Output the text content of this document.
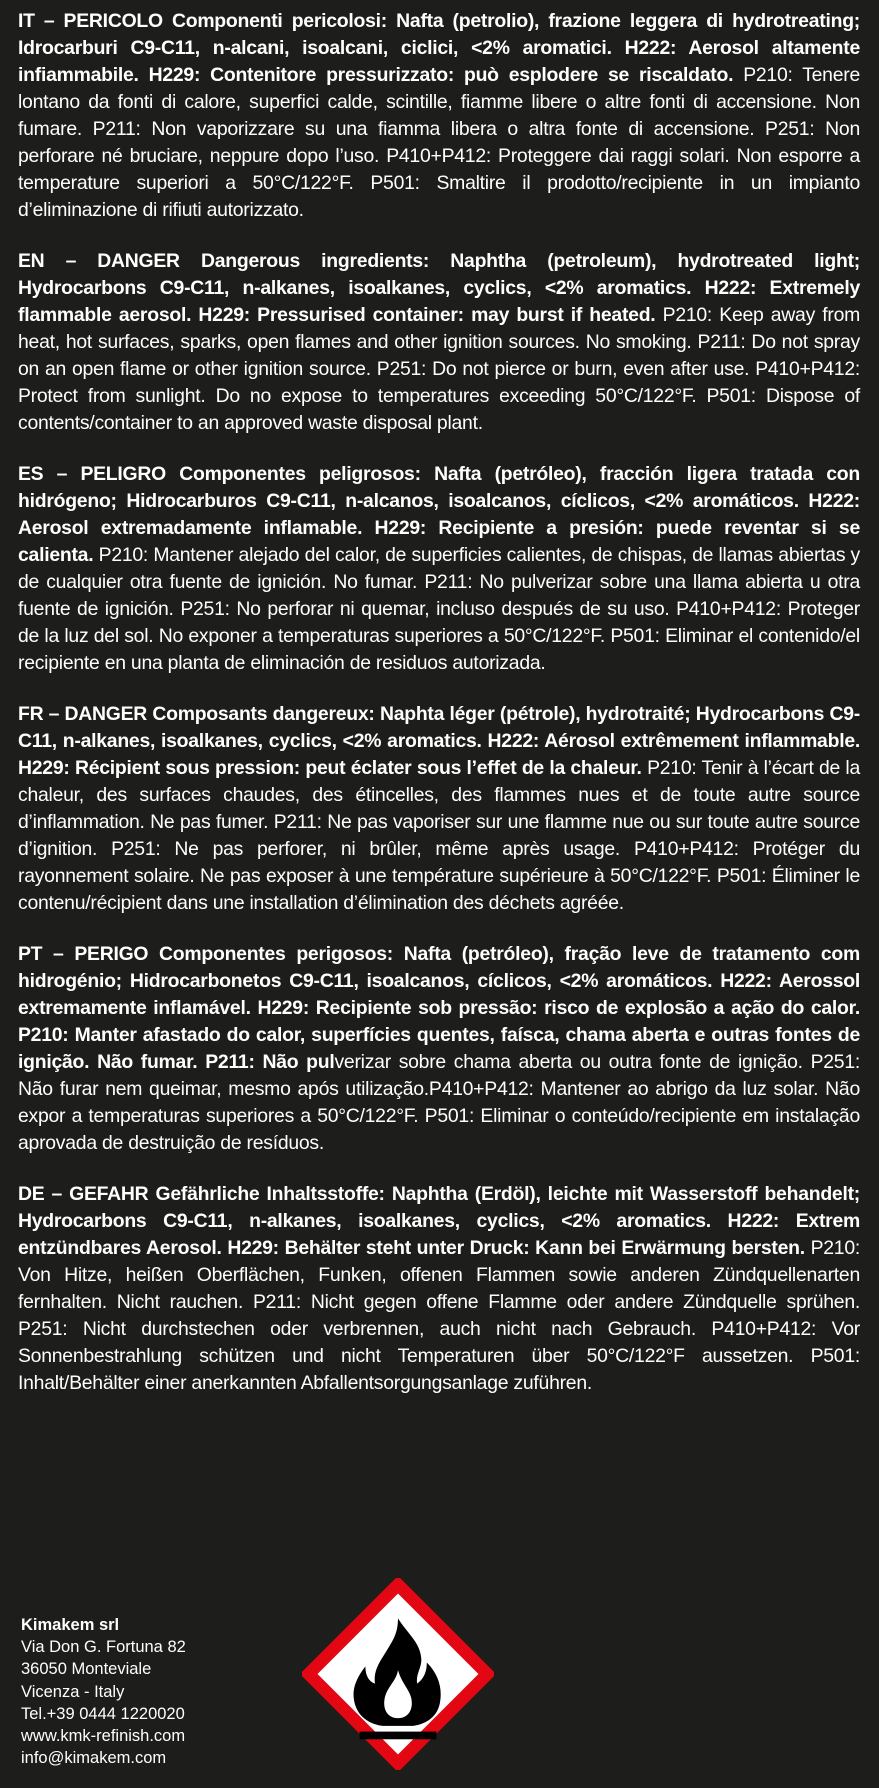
IT – PERICOLO Componenti pericolosi: Nafta (petrolio), frazione leggera di hydrotreating; Idrocarburi C9-C11, n-alcani, isoalcani, ciclici, <2% aromatici. H222: Aerosol altamente infiammabile. H229: Contenitore pressurizzato: può esplodere se riscaldato. P210: Tenere lontano da fonti di calore, superfici calde, scintille, fiamme libere o altre fonti di accensione. Non fumare. P211: Non vaporizzare su una fiamma libera o altra fonte di accensione. P251: Non perforare né bruciare, neppure dopo l’uso. P410+P412: Proteggere dai raggi solari. Non esporre a temperature superiori a 50°C/122°F. P501: Smaltire il prodotto/recipiente in un impianto d’eliminazione di rifiuti autorizzato.

EN – DANGER Dangerous ingredients: Naphtha (petroleum), hydrotreated light; Hydrocarbons C9-C11, n-alkanes, isoalkanes, cyclics, <2% aromatics. H222: Extremely flammable aerosol. H229: Pressurised container: may burst if heated. P210: Keep away from heat, hot surfaces, sparks, open flames and other ignition sources. No smoking. P211: Do not spray on an open flame or other ignition source. P251: Do not pierce or burn, even after use. P410+P412: Protect from sunlight. Do no expose to temperatures exceeding 50°C/122°F. P501: Dispose of contents/container to an approved waste disposal plant.

ES – PELIGRO Componentes peligrosos: Nafta (petróleo), fracción ligera tratada con hidrógeno; Hidrocarburos C9-C11, n-alcanos, isoalcanos, cíclicos, <2% aromáticos. H222: Aerosol extremadamente inflamable. H229: Recipiente a presión: puede reventar si se calienta. P210: Mantener alejado del calor, de superficies calientes, de chispas, de llamas abiertas y de cualquier otra fuente de ignición. No fumar. P211: No pulverizar sobre una llama abierta u otra fuente de ignición. P251: No perforar ni quemar, incluso después de su uso. P410+P412: Proteger de la luz del sol. No exponer a temperaturas superiores a 50°C/122°F. P501: Eliminar el contenido/el recipiente en una planta de eliminación de residuos autorizada.

FR – DANGER Composants dangereux: Naphta léger (pétrole), hydrotraité; Hydrocarbons C9-C11, n-alkanes, isoalkanes, cyclics, <2% aromatics. H222: Aérosol extrêmement inflammable. H229: Récipient sous pression: peut éclater sous l’effet de la chaleur. P210: Tenir à l’écart de la chaleur, des surfaces chaudes, des étincelles, des flammes nues et de toute autre source d’inflammation. Ne pas fumer. P211: Ne pas vaporiser sur une flamme nue ou sur toute autre source d’ignition. P251: Ne pas perforer, ni brûler, même après usage. P410+P412: Protéger du rayonnement solaire. Ne pas exposer à une température supérieure à 50°C/122°F. P501: Éliminer le contenu/récipient dans une installation d’élimination des déchets agréée.

PT – PERIGO Componentes perigosos: Nafta (petróleo), fração leve de tratamento com hidrogénio; Hidrocarbonetos C9-C11, isoalcanos, cíclicos, <2% aromáticos. H222: Aerossol extremamente inflamável. H229: Recipiente sob pressão: risco de explosão a ação do calor. P210: Manter afastado do calor, superfícies quentes, faísca, chama aberta e outras fontes de ignição. Não fumar. P211: Não pulverizar sobre chama aberta ou outra fonte de ignição. P251: Não furar nem queimar, mesmo após utilização.P410+P412: Mantener ao abrigo da luz solar. Não expor a temperaturas superiores a 50°C/122°F. P501: Eliminar o conteúdo/recipiente em instalação aprovada de destruição de resíduos.

DE – GEFAHR Gefährliche Inhaltsstoffe: Naphtha (Erdöl), leichte mit Wasserstoff behandelt; Hydrocarbons C9-C11, n-alkanes, isoalkanes, cyclics, <2% aromatics. H222: Extrem entzündbares Aerosol. H229: Behälter steht unter Druck: Kann bei Erwärmung bersten. P210: Von Hitze, heißen Oberflächen, Funken, offenen Flammen sowie anderen Zündquellenarten fernhalten. Nicht rauchen. P211: Nicht gegen offene Flamme oder andere Zündquelle sprühen. P251: Nicht durchstechen oder verbrennen, auch nicht nach Gebrauch. P410+P412: Vor Sonnenbestrahlung schützen und nicht Temperaturen über 50°C/122°F aussetzen. P501: Inhalt/Behälter einer anerkannten Abfallentsorgungsanlage zuführen.

Kimakem srl
Via Don G. Fortuna 82
36050 Monteviale
Vicenza - Italy
Tel.+39 0444 1220020
www.kmk-refinish.com
info@kimakem.com
